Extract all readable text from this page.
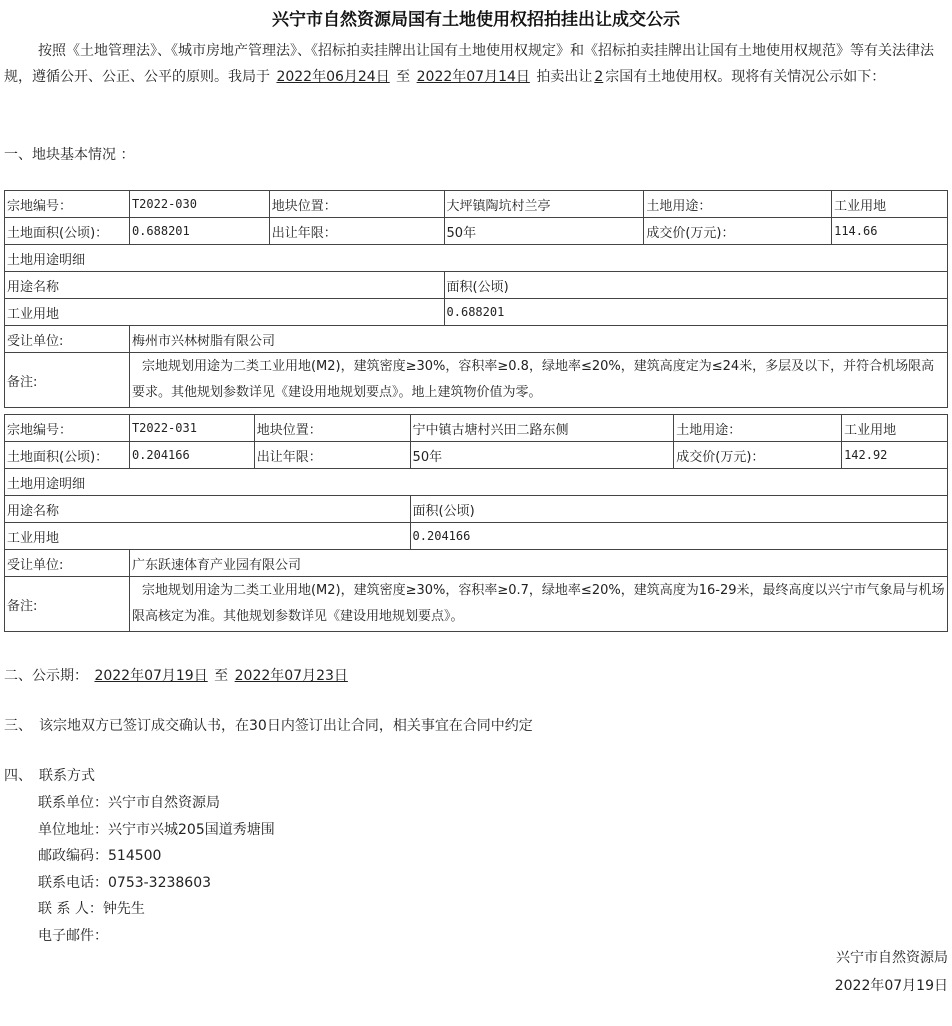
兴宁市自然资源局国有土地使用权招拍挂出让成交公示
按照《土地管理法》、《城市房地产管理法》、《招标拍卖挂牌出让国有土地使用权规定》和《招标拍卖挂牌出让国有土地使用权规范》等有关法律法规，遵循公开、公正、公平的原则。我局于 2022年06月24日 至 2022年07月14日 拍卖出让 2 宗国有土地使用权。现将有关情况公示如下：
一、地块基本情况 ：
宗地编号：	T2022-030	地块位置：	大坪镇陶坑村兰亭	土地用途：	工业用地
土地面积(公顷)：	0.688201	出让年限：	50年	成交价(万元)：	114.66
土地用途明细					
用途名称			面积(公顷)		
工业用地			0.688201		
受让单位:	梅州市兴林树脂有限公司				
备注:	宗地规划用途为二类工业用地(M2)，建筑密度≥30%，容积率≥0.8，绿地率≤20%，建筑高度定为≤24米，多层及以下，并符合机场限高要求。其他规划参数详见《建设用地规划要点》。地上建筑物价值为零。				
宗地编号：	T2022-031	地块位置：	宁中镇古塘村兴田二路东侧	土地用途：	工业用地
土地面积(公顷)：	0.204166	出让年限：	50年	成交价(万元)：	142.92
土地用途明细					
用途名称			面积(公顷)		
工业用地			0.204166		
受让单位:	广东跃速体育产业园有限公司				
备注:	宗地规划用途为二类工业用地(M2)，建筑密度≥30%，容积率≥0.7，绿地率≤20%，建筑高度为16-29米，最终高度以兴宁市气象局与机场限高核定为准。其他规划参数详见《建设用地规划要点》。				
二、公示期： 2022年07月19日 至 2022年07月23日
三、　该宗地双方已签订成交确认书，在30日内签订出让合同，相关事宜在合同中约定
四、　联系方式
联系单位：兴宁市自然资源局
单位地址：兴宁市兴城205国道秀塘围
邮政编码：514500
联系电话：0753-3238603
联 系 人：钟先生
电子邮件：
兴宁市自然资源局
2022年07月19日
